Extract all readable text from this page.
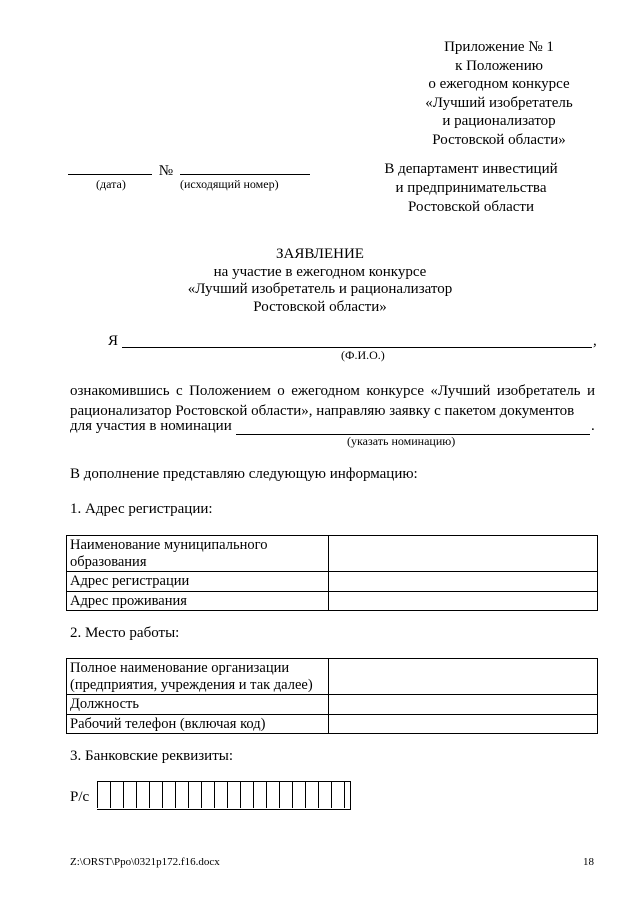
Приложение № 1
к Положению
о ежегодном конкурсе
«Лучший изобретатель
и рационализатор
Ростовской области»
№
(дата)	(исходящий номер)
В департамент инвестиций
и предпринимательства
Ростовской области
ЗАЯВЛЕНИЕ
на участие в ежегодном конкурсе
«Лучший изобретатель и рационализатор
Ростовской области»
Я	,
(Ф.И.О.)
ознакомившись с Положением о ежегодном конкурсе «Лучший изобретатель и рационализатор Ростовской области», направляю заявку с пакетом документов
для участия в номинации	.
(указать номинацию)
В дополнение представляю следующую информацию:
1. Адрес регистрации:
Наименование муниципального образования	
Адрес регистрации	
Адрес проживания	
2. Место работы:
Полное наименование организации (предприятия, учреждения и так далее)	
Должность	
Рабочий телефон (включая код)	
3. Банковские реквизиты:
Р/с
Z:\ORST\Ppo\0321p172.f16.docx	18
